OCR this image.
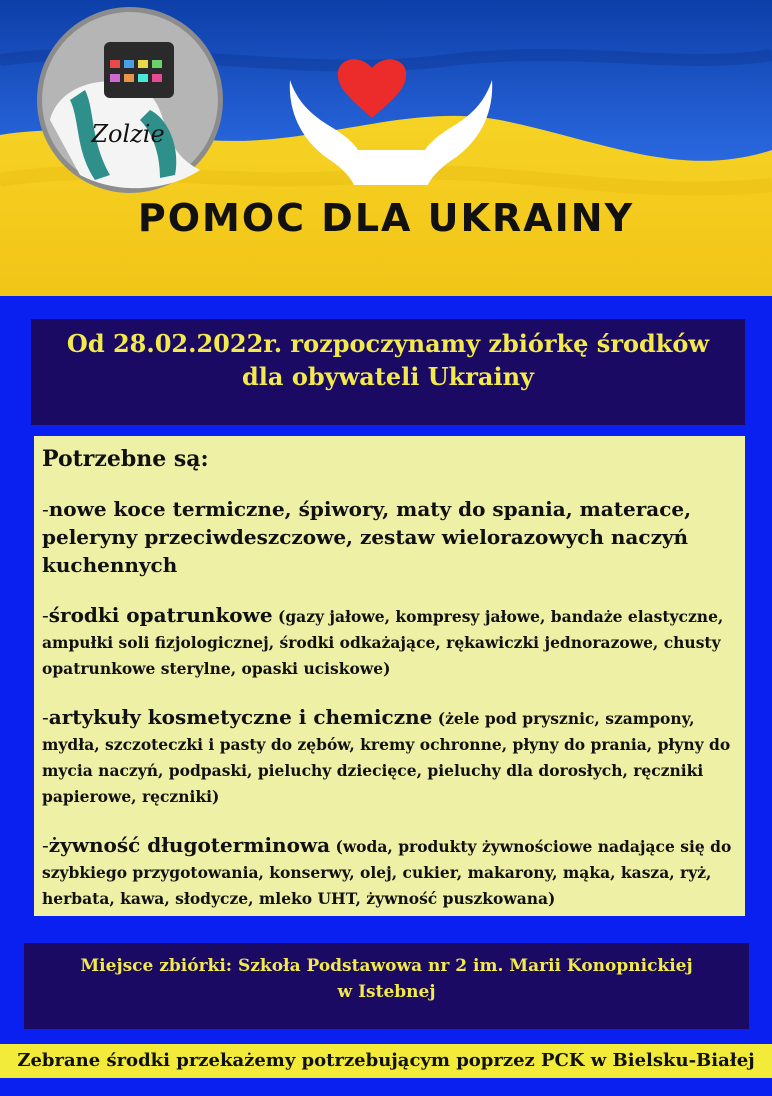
Zolzie
POMOC DLA UKRAINY
Od 28.02.2022r. rozpoczynamy zbiórkę środków dla obywateli Ukrainy
Potrzebne są:
-nowe koce termiczne, śpiwory, maty do spania, materace, peleryny przeciwdeszczowe, zestaw wielorazowych naczyń kuchennych
-środki opatrunkowe (gazy jałowe, kompresy jałowe, bandaże elastyczne, ampułki soli fizjologicznej, środki odkażające, rękawiczki jednorazowe, chusty opatrunkowe sterylne, opaski uciskowe)
-artykuły kosmetyczne i chemiczne (żele pod prysznic, szampony, mydła, szczoteczki i pasty do zębów, kremy ochronne, płyny do prania, płyny do mycia naczyń, podpaski, pieluchy dziecięce, pieluchy dla dorosłych, ręczniki papierowe, ręczniki)
-żywność długoterminowa (woda, produkty żywnościowe nadające się do szybkiego przygotowania, konserwy, olej, cukier, makarony, mąka, kasza, ryż, herbata, kawa, słodycze, mleko UHT, żywność puszkowana)
Miejsce zbiórki: Szkoła Podstawowa nr 2 im. Marii Konopnickiej
w Istebnej
Zebrane środki przekażemy potrzebującym poprzez PCK w Bielsku-Białej
